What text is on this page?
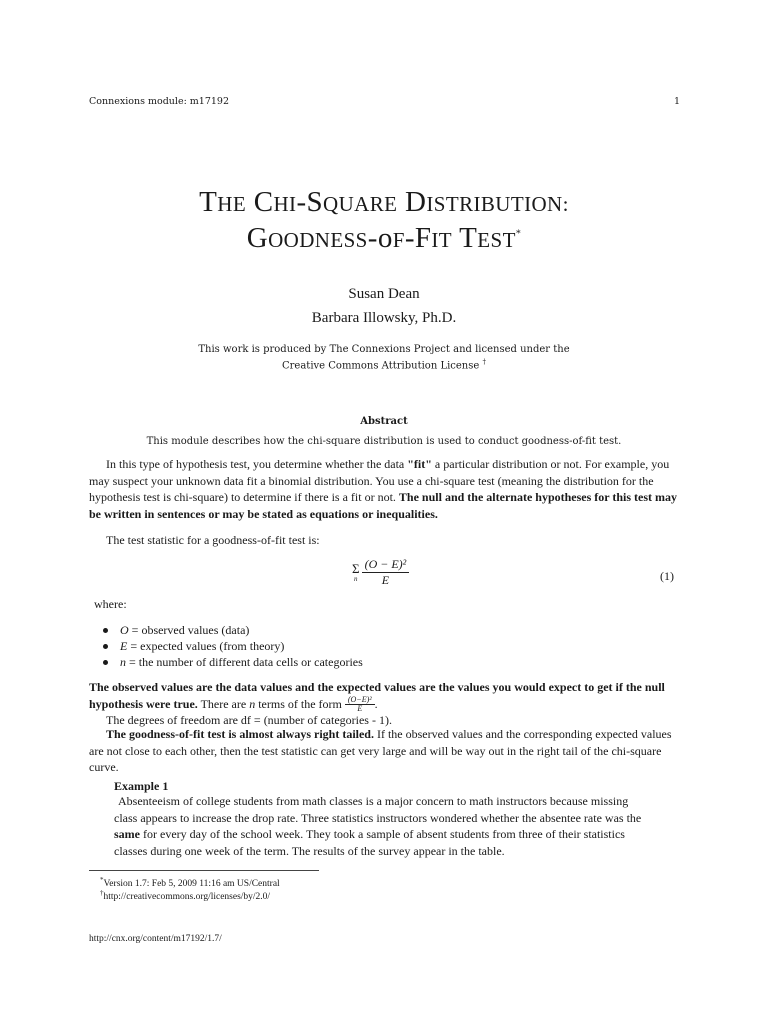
Connexions module: m17192	1
THE CHI-SQUARE DISTRIBUTION:
GOODNESS-oF-FIT TEST*
Susan Dean
Barbara Illowsky, Ph.D.
This work is produced by The Connexions Project and licensed under the
Creative Commons Attribution License †
Abstract
This module describes how the chi-square distribution is used to conduct goodness-of-fit test.
In this type of hypothesis test, you determine whether the data "fit" a particular distribution or not. For example, you may suspect your unknown data fit a binomial distribution. You use a chi-square test (meaning the distribution for the hypothesis test is chi-square) to determine if there is a fit or not. The null and the alternate hypotheses for this test may be written in sentences or may be stated as equations or inequalities.
The test statistic for a goodness-of-fit test is:
Σ
n $\frac{\text{(O − E)²}}{E}$	(1)
where:
O = observed values (data)
E = expected values (from theory)
n = the number of different data cells or categories
The observed values are the data values and the expected values are the values you would expect to get if the null hypothesis were true. There are n terms of the form $\frac{\text{(O−E)²}}{E}$ .
The degrees of freedom are df = (number of categories - 1).
The goodness-of-fit test is almost always right tailed. If the observed values and the corresponding expected values are not close to each other, then the test statistic can get very large and will be way out in the right tail of the chi-square curve.
Example 1
Absenteeism of college students from math classes is a major concern to math instructors because missing class appears to increase the drop rate. Three statistics instructors wondered whether the absentee rate was the same for every day of the school week. They took a sample of absent students from three of their statistics classes during one week of the term. The results of the survey appear in the table.
*Version 1.7: Feb 5, 2009 11:16 am US/Central
†http://creativecommons.org/licenses/by/2.0/
http://cnx.org/content/m17192/1.7/
